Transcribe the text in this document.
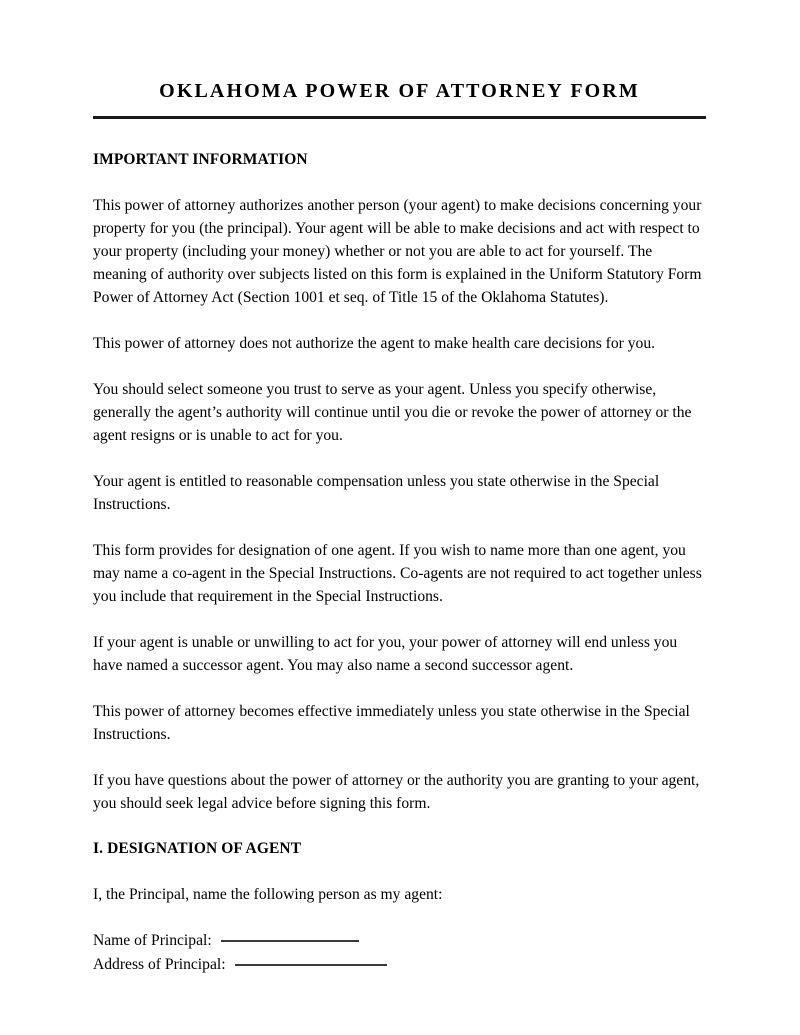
OKLAHOMA POWER OF ATTORNEY FORM
IMPORTANT INFORMATION

This power of attorney authorizes another person (your agent) to make decisions concerning your property for you (the principal). Your agent will be able to make decisions and act with respect to your property (including your money) whether or not you are able to act for yourself. The meaning of authority over subjects listed on this form is explained in the Uniform Statutory Form Power of Attorney Act (Section 1001 et seq. of Title 15 of the Oklahoma Statutes).

This power of attorney does not authorize the agent to make health care decisions for you.

You should select someone you trust to serve as your agent. Unless you specify otherwise, generally the agent’s authority will continue until you die or revoke the power of attorney or the agent resigns or is unable to act for you.

Your agent is entitled to reasonable compensation unless you state otherwise in the Special Instructions.

This form provides for designation of one agent. If you wish to name more than one agent, you may name a co-agent in the Special Instructions. Co-agents are not required to act together unless you include that requirement in the Special Instructions.

If your agent is unable or unwilling to act for you, your power of attorney will end unless you have named a successor agent. You may also name a second successor agent.

This power of attorney becomes effective immediately unless you state otherwise in the Special Instructions.

If you have questions about the power of attorney or the authority you are granting to your agent, you should seek legal advice before signing this form.

I. DESIGNATION OF AGENT

I, the Principal, name the following person as my agent:

Name of Principal:
Address of Principal:
